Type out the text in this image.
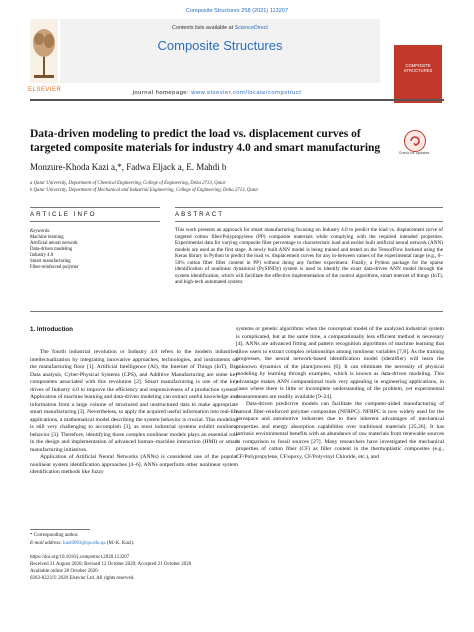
Composite Structures 258 (2021) 113207
Contents lists available at ScienceDirect
Composite Structures
ELSEVIER
COMPOSITE STRUCTURES
journal homepage: www.elsevier.com/locate/compstruct
Data-driven modeling to predict the load vs. displacement curves of targeted composite materials for industry 4.0 and smart manufacturing	Check for updates
Monzure-Khoda Kazi a,*, Fadwa Eljack a, E. Mahdi b
a Qatar University, Department of Chemical Engineering, College of Engineering, Doha 2713, Qatar
b Qatar University, Department of Mechanical and Industrial Engineering, College of Engineering, Doha 2713, Qatar
ARTICLE INFO	ABSTRACT
Keywords:
Machine learning
Artificial neural network
Data-driven modeling
Industry 4.0
Smart manufacturing
Fiber-reinforced polymer
This work presents an approach for smart manufacturing focusing on Industry 4.0 to predict the load vs. displacement curve of targeted cotton fiber/Polypropylene (PP) composite materials while complying with the required intended properties. Experimental data for varying composite fiber percentage to characteristic load and earlier built artificial neural network (ANN) models are used as the first stage. A newly built ANN model is being trained and tested on the TensorFlow backend using the Keras library in Python to predict the load vs. displacement curves for any in-between values of the experimental range (e.g., 0–50% cotton fiber filler content in PP) without doing any further experiment. Finally, a Python package for the sparse identification of nonlinear dynamical (PySINDy) system is used to identify the exact data-driven ANN model through the system identification, which will facilitate the effective implementation of the control algorithms, smart internet of things (IoT), and high-tech automated system.
1. Introduction

The fourth industrial revolution or Industry 4.0 refers to the modern industries' intellectualization by integrating innovative approaches, technologies, and instruments on the manufacturing floor [1]. Artificial Intelligence (AI), the Internet of Things (IoT), Big Data analysis, Cyber-Physical Systems (CPS), and Additive Manufacturing are some key components associated with this revolution [2]. Smart manufacturing is one of the key drives of Industry 4.0 to improve the efficiency and responsiveness of a production system. Application of machine learning and data-driven modeling can extract useful knowledge and information from a large volume of structured and unstructured data to make appropriate smart manufacturing [3]. Nevertheless, to apply the acquired useful information into real-life applications, a mathematical model describing the system behavior is crucial. This modeling is still very challenging to accomplish [3], as most industrial systems exhibit nonlinear behavior [3]. Therefore, identifying those complex nonlinear models plays an essential role in the design and implementation of advanced human–machine interaction (HMI) or smart manufacturing initiatives.

Application of Artificial Neural Networks (ANNs) is considered one of the popular nonlinear system identification approaches [4–6]. ANNs outperform other nonlinear system identification methods like fuzzy

systems or genetic algorithms when the conceptual model of the analyzed industrial system is complicated, but at the same time, a computationally less efficient method is necessary [4]. ANNs are advanced fitting and pattern recognition algorithms of machine learning that allow users to extract complex relationships among nonlinear variables [7,8]. As the training progresses, the neural network-based identification model (identifier) will learn the unknown dynamics of the plant/process [6]. It can eliminate the necessity of physical modeling by learning through examples, which is known as data-driven modeling. This advantage makes ANN computational tools very appealing in engineering applications, in cases where there is little or incomplete understanding of the problem, yet experimental measurements are readily available [9–24].

Data-driven predictive models can facilitate the computer-aided manufacturing of natural fiber-reinforced polymer composites (NFRPC). NFRPC is now widely used for the aerospace and automotive industries due to their inherent advantages of mechanical properties and energy absorption capabilities over traditional materials [25,26]. It has intrinsic environmental benefits with an abundance of raw materials from renewable sources in comparison to fossil sources [27]. Many researchers have investigated the mechanical properties of cotton fiber (CF) as filler content in the thermoplastic composites (e.g., CF/Polypropylene, CF/epoxy, CF/Polyvinyl Chloride, etc.), and

* Corresponding author.
E-mail address: kazi0003@qu.edu.qa (M.-K. Kazi).
https://doi.org/10.1016/j.compstruct.2020.113207
Received 31 August 2020; Revised 12 October 2020; Accepted 21 October 2020
Available online 28 October 2020
0263-8223/© 2020 Elsevier Ltd. All rights reserved.
